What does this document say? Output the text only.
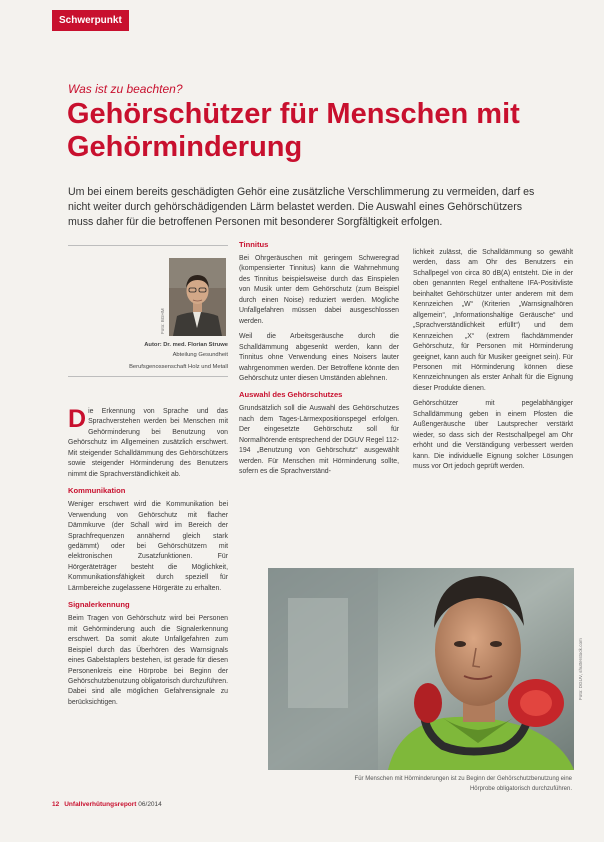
Schwerpunkt
Was ist zu beachten?
Gehörschützer für Menschen mit Gehörminderung

Um bei einem bereits geschädigten Gehör eine zusätzliche Verschlimmerung zu vermeiden, darf es nicht weiter durch gehörschädigenden Lärm belastet werden. Die Auswahl eines Gehörschützers muss daher für die betroffenen Personen mit besonderer Sorgfältigkeit erfolgen.

Foto: BGHM
Autor: Dr. med. Florian Struwe
Abteilung Gesundheit
Berufsgenossenschaft Holz und Metall

Die Erkennung von Sprache und das Sprachverstehen werden bei Menschen mit Gehörminderung bei Benutzung von Gehörschutz im Allgemeinen zusätzlich erschwert. Mit steigender Schalldämmung des Gehörschützers sowie steigender Hörminderung des Benutzers nimmt die Sprachverständlichkeit ab.

Kommunikation

Weniger erschwert wird die Kommunikation bei Verwendung von Gehörschutz mit flacher Dämmkurve (der Schall wird im Bereich der Sprachfrequenzen annähernd gleich stark gedämmt) oder bei Gehörschützern mit elektronischen Zusatzfunktionen. Für Hörgeräteträger besteht die Möglichkeit, Kommunikationsfähigkeit durch speziell für Lärmbereiche zugelassene Hörgeräte zu erhalten.

Signalerkennung

Beim Tragen von Gehörschutz wird bei Personen mit Gehörminderung auch die Signalerkennung erschwert. Da somit akute Unfallgefahren zum Beispiel durch das Überhören des Warnsignals eines Gabelstaplers bestehen, ist gerade für diesen Personenkreis eine Hörprobe bei Beginn der Gehörschutzbenutzung obligatorisch durchzuführen. Dabei sind alle möglichen Gefahrensignale zu berücksichtigen.

Tinnitus

Bei Ohrgeräuschen mit geringem Schweregrad (kompensierter Tinnitus) kann die Wahrnehmung des Tinnitus beispielsweise durch das Einspielen von Musik unter dem Gehörschutz (zum Beispiel durch einen Noise) reduziert werden. Mögliche Unfallgefahren müssen dabei ausgeschlossen werden.

Weil die Arbeitsgeräusche durch die Schalldämmung abgesenkt werden, kann der Tinnitus ohne Verwendung eines Noisers lauter wahrgenommen werden. Der Betroffene könnte den Gehörschutz unter diesen Umständen ablehnen.

Auswahl des Gehörschutzes

Grundsätzlich soll die Auswahl des Gehörschutzes nach dem Tages-Lärmexpositionspegel erfolgen. Der eingesetzte Gehörschutz soll für Normalhörende entsprechend der DGUV Regel 112-194 „Benutzung von Gehörschutz“ ausgewählt werden. Für Menschen mit Hörminderung sollte, sofern es die Sprachverständ-

lichkeit zulässt, die Schalldämmung so gewählt werden, dass am Ohr des Benutzers ein Schallpegel von circa 80 dB(A) entsteht. Die in der oben genannten Regel enthaltene IFA-Positivliste beinhaltet Gehörschützer unter anderem mit dem Kennzeichen „W“ (Kriterien „Warnsignalhören allgemein“, „Informationshaltige Geräusche“ und „Sprachverständlichkeit erfüllt“) und dem Kennzeichen „X“ (extrem flachdämmender Gehörschutz, für Personen mit Hörminderung geeignet, kann auch für Musiker geeignet sein). Für Personen mit Hörminderung können diese Kennzeichnungen als erster Anhalt für die Eignung dieser Produkte dienen.

Gehörschützer mit pegelabhängiger Schalldämmung geben in einem Pfosten die Außengeräusche über Lautsprecher verstärkt wieder, so dass sich der Restschallpegel am Ohr erhöht und die Verständigung verbessert werden kann. Die individuelle Eignung solcher Lösungen muss vor Ort jedoch geprüft werden.

Foto: DGUV, shutterstock.com
Für Menschen mit Hörminderungen ist zu Beginn der Gehörschutzbenutzung eine
Hörprobe obligatorisch durchzuführen.
12 Unfallverhütungsreport 06/2014
